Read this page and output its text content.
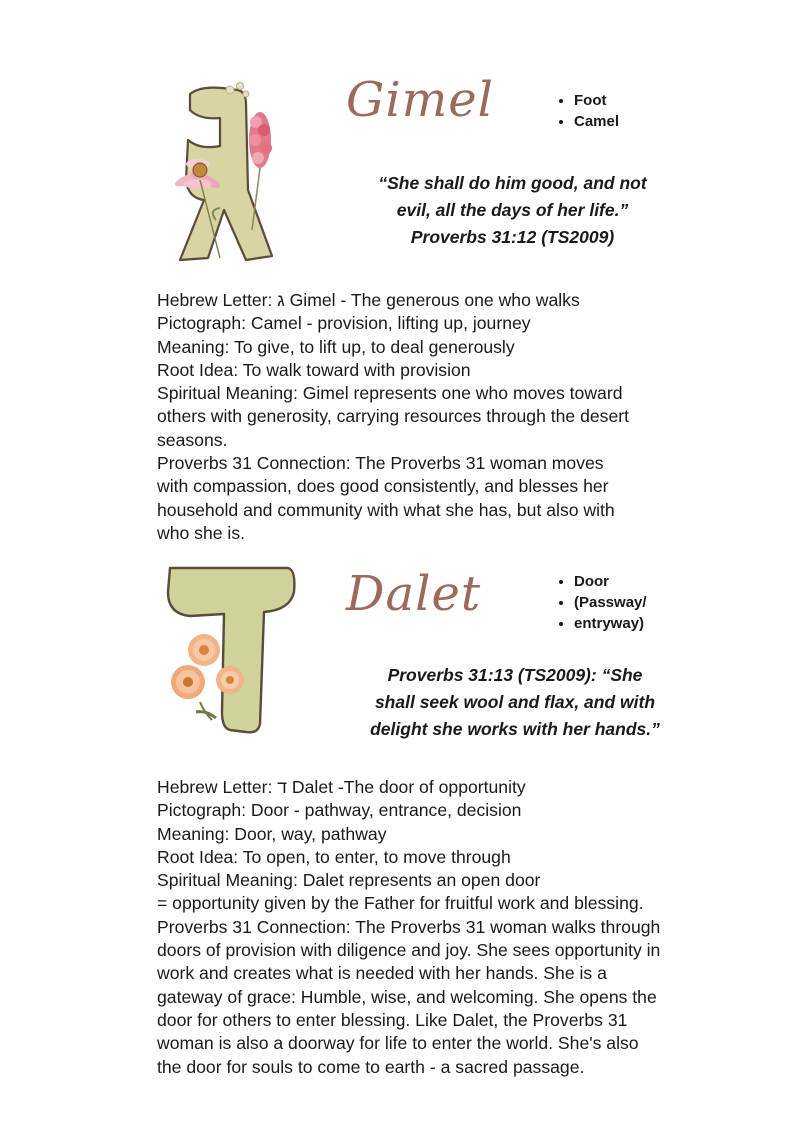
Gimel	• Foot
• Camel
“She shall do him good, and not
evil, all the days of her life.”
Proverbs 31:12 (TS2009)

Hebrew Letter: ג Gimel - The generous one who walks

Pictograph: Camel - provision, lifting up, journey

Meaning: To give, to lift up, to deal generously

Root Idea: To walk toward with provision

Spiritual Meaning: Gimel represents one who moves toward

others with generosity, carrying resources through the desert

seasons.

Proverbs 31 Connection: The Proverbs 31 woman moves

with compassion, does good consistently, and blesses her

household and community with what she has, but also with

who she is.

Dalet	• Door
• (Passway/
• entryway)
Proverbs 31:13 (TS2009): “She
shall seek wool and flax, and with
delight she works with her hands.”

Hebrew Letter: ד Dalet -The door of opportunity

Pictograph: Door - pathway, entrance, decision

Meaning: Door, way, pathway

Root Idea: To open, to enter, to move through

Spiritual Meaning: Dalet represents an open door

= opportunity given by the Father for fruitful work and blessing.

Proverbs 31 Connection: The Proverbs 31 woman walks through

doors of provision with diligence and joy. She sees opportunity in

work and creates what is needed with her hands. She is a

gateway of grace: Humble, wise, and welcoming. She opens the

door for others to enter blessing. Like Dalet, the Proverbs 31

woman is also a doorway for life to enter the world. She's also

the door for souls to come to earth - a sacred passage.
